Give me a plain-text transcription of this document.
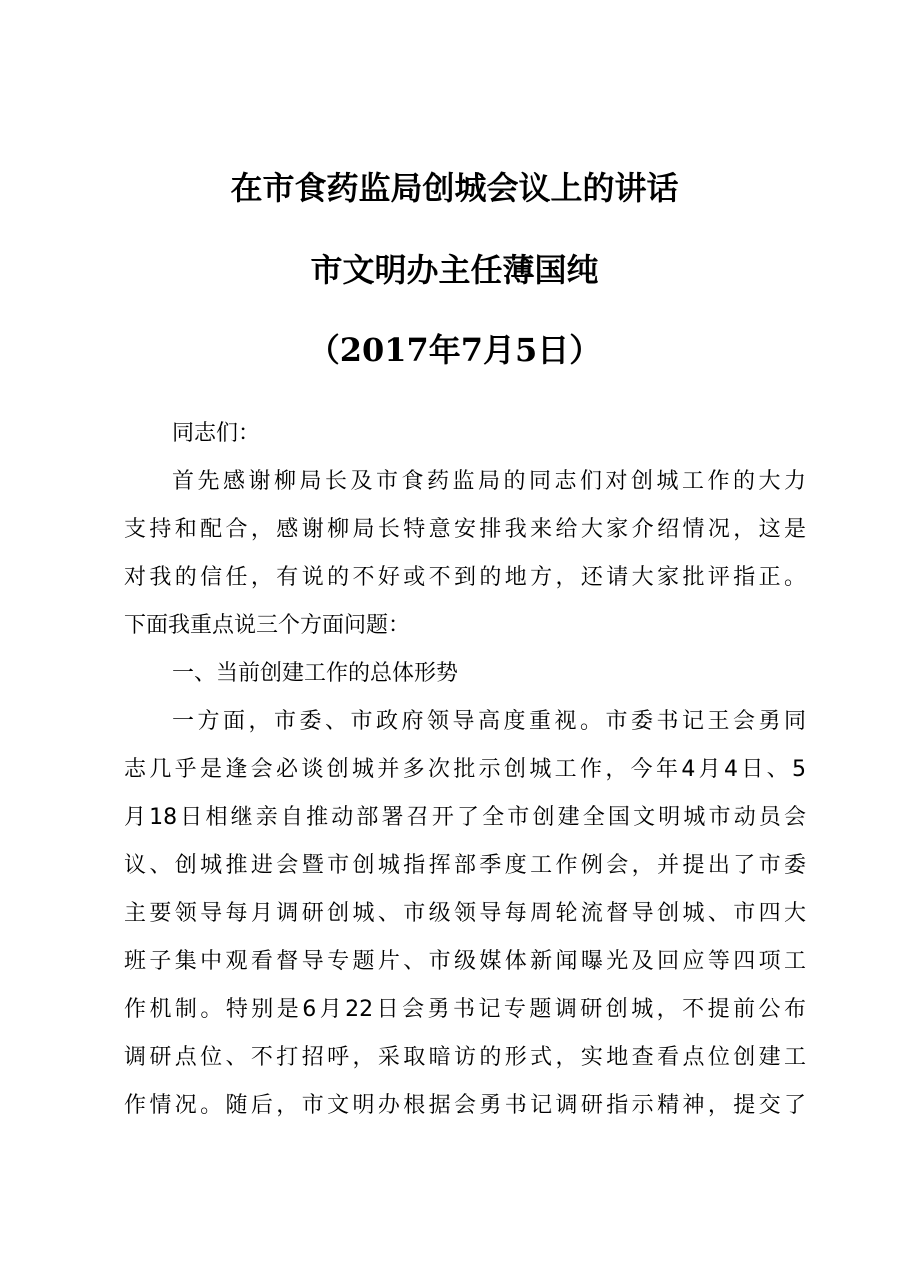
在市食药监局创城会议上的讲话
市文明办主任薄国纯
（2017年7月5日）
同志们：
首先感谢柳局长及市食药监局的同志们对创城工作的大力
支持和配合，感谢柳局长特意安排我来给大家介绍情况，这是
对我的信任，有说的不好或不到的地方，还请大家批评指正。
下面我重点说三个方面问题：
一、当前创建工作的总体形势
一方面，市委、市政府领导高度重视。市委书记王会勇同
志几乎是逢会必谈创城并多次批示创城工作，今年4月4日、5
月18日相继亲自推动部署召开了全市创建全国文明城市动员会
议、创城推进会暨市创城指挥部季度工作例会，并提出了市委
主要领导每月调研创城、市级领导每周轮流督导创城、市四大
班子集中观看督导专题片、市级媒体新闻曝光及回应等四项工
作机制。特别是6月22日会勇书记专题调研创城，不提前公布
调研点位、不打招呼，采取暗访的形式，实地查看点位创建工
作情况。随后，市文明办根据会勇书记调研指示精神，提交了
